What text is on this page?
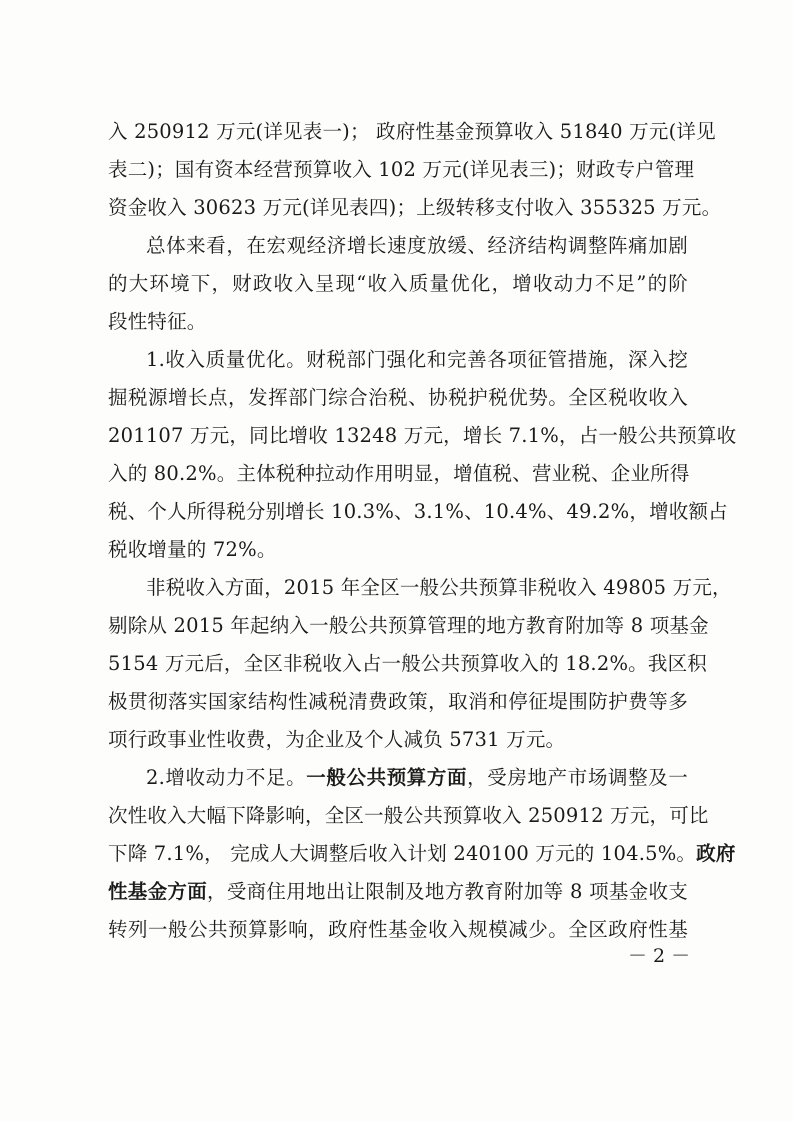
入 250912 万元(详见表一)； 政府性基金预算收入 51840 万元(详见
表二)；国有资本经营预算收入 102 万元(详见表三)；财政专户管理
资金收入 30623 万元(详见表四)；上级转移支付收入 355325 万元。
总体来看，在宏观经济增长速度放缓、经济结构调整阵痛加剧
的大环境下，财政收入呈现“收入质量优化，增收动力不足”的阶
段性特征。
1.收入质量优化。财税部门强化和完善各项征管措施，深入挖
掘税源增长点，发挥部门综合治税、协税护税优势。全区税收收入
201107 万元，同比增收 13248 万元，增长 7.1%，占一般公共预算收
入的 80.2%。主体税种拉动作用明显，增值税、营业税、企业所得
税、个人所得税分别增长 10.3%、3.1%、10.4%、49.2%，增收额占
税收增量的 72%。
非税收入方面，2015 年全区一般公共预算非税收入 49805 万元，
剔除从 2015 年起纳入一般公共预算管理的地方教育附加等 8 项基金
5154 万元后，全区非税收入占一般公共预算收入的 18.2%。我区积
极贯彻落实国家结构性减税清费政策，取消和停征堤围防护费等多
项行政事业性收费，为企业及个人减负 5731 万元。
2.增收动力不足。一般公共预算方面，受房地产市场调整及一
次性收入大幅下降影响，全区一般公共预算收入 250912 万元，可比
下降 7.1%， 完成人大调整后收入计划 240100 万元的 104.5%。政府
性基金方面，受商住用地出让限制及地方教育附加等 8 项基金收支
转列一般公共预算影响，政府性基金收入规模减少。全区政府性基
－ 2 －
